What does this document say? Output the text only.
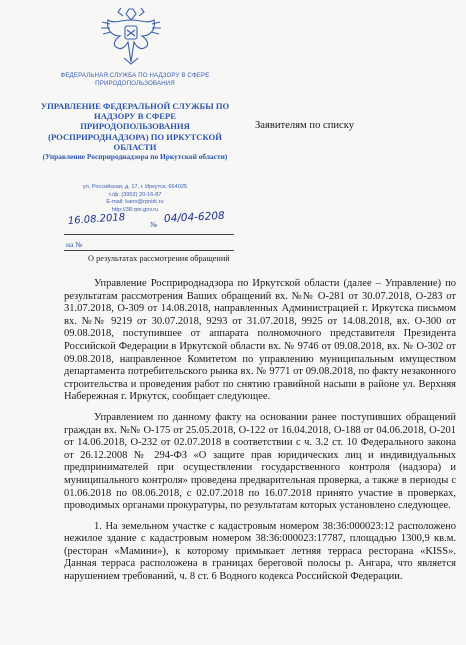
ФЕДЕРАЛЬНАЯ СЛУЖБА ПО НАДЗОРУ В СФЕРЕ ПРИРОДОПОЛЬЗОВАНИЯ
УПРАВЛЕНИЕ ФЕДЕРАЛЬНОЙ СЛУЖБЫ ПО НАДЗОРУ В СФЕРЕ ПРИРОДОПОЛЬЗОВАНИЯ (РОСПРИРОДНАДЗОРА) ПО ИРКУТСКОЙ ОБЛАСТИ
(Управление Росприроднадзора по Иркутской области)
ул. Российская, д. 17, г. Иркутск, 664025
т./ф. (3952) 20-16-87
E-mail: kano@rpnirk.ru
http://38.rpn.gov.ru
16.08.2018	№ 04/04-6208
на №
О результатах рассмотрения обращений
Заявителям по списку

Управление Росприроднадзора по Иркутской области (далее – Управление) по результатам рассмотрения Ваших обращений вх. №№ О-281 от 30.07.2018, О-283 от 31.07.2018, О-309 от 14.08.2018, направленных Администрацией г. Иркутска письмом вх. №№ 9219 от 30.07.2018, 9293 от 31.07.2018, 9925 от 14.08.2018, вх. О-300 от 09.08.2018, поступившее от аппарата полномочного представителя Президента Российской Федерации в Иркутской области вх. № 9746 от 09.08.2018, вх. № О-302 от 09.08.2018, направленное Комитетом по управлению муниципальным имуществом департамента потребительского рынка вх. № 9771 от 09.08.2018, по факту незаконного строительства и проведения работ по снятию гравийной насыпи в районе ул. Верхняя Набережная г. Иркутск, сообщает следующее.

Управлением по данному факту на основании ранее поступивших обращений граждан вх. №№ О-175 от 25.05.2018, О-122 от 16.04.2018, О-188 от 04.06.2018, О-201 от 14.06.2018, О-232 от 02.07.2018 в соответствии с ч. 3.2 ст. 10 Федерального закона от 26.12.2008 № 294-ФЗ «О защите прав юридических лиц и индивидуальных предпринимателей при осуществлении государственного контроля (надзора) и муниципального контроля» проведена предварительная проверка, а также в периоды с 01.06.2018 по 08.06.2018, с 02.07.2018 по 16.07.2018 принято участие в проверках, проводимых органами прокуратуры, по результатам которых установлено следующее.

1. На земельном участке с кадастровым номером 38:36:000023:12 расположено нежилое здание с кадастровым номером 38:36:000023:17787, площадью 1300,9 кв.м. (ресторан «Мамини»), к которому примыкает летняя терраса ресторана «KISS». Данная терраса расположена в границах береговой полосы р. Ангара, что является нарушением требований, ч. 8 ст. 6 Водного кодекса Российской Федерации.
